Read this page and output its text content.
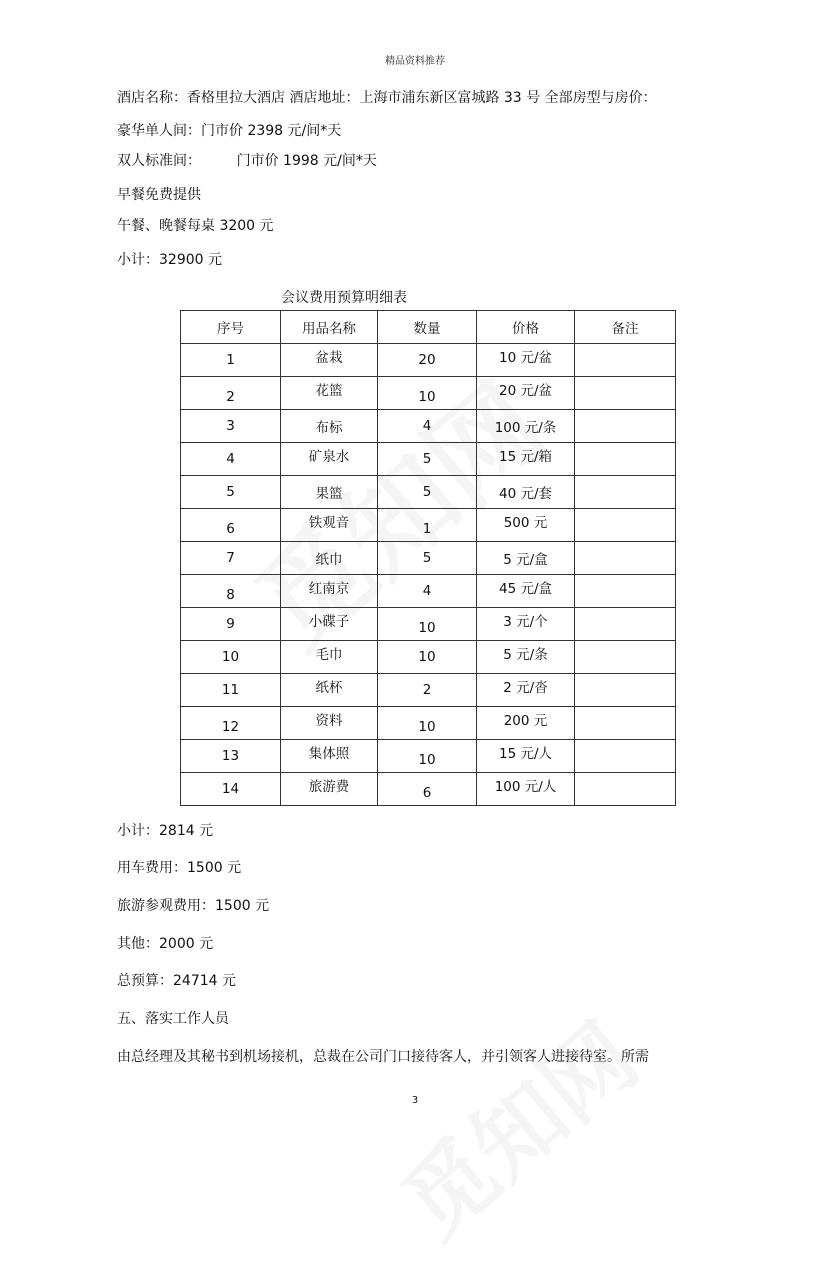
精品资料推荐
酒店名称：香格里拉大酒店 酒店地址：上海市浦东新区富城路 33 号 全部房型与房价：
豪华单人间：门市价 2398 元/间*天
双人标准间：        门市价 1998 元/间*天
早餐免费提供
午餐、晚餐每桌 3200 元
小计：32900 元
会议费用预算明细表
序号	用品名称	数量	价格	备注
1	盆栽	20	10 元/盆	
2	花篮	10	20 元/盆	
3	布标	4	100 元/条	
4	矿泉水	5	15 元/箱	
5	果篮	5	40 元/套	
6	铁观音	1	500 元	
7	纸巾	5	5 元/盒	
8	红南京	4	45 元/盒	
9	小碟子	10	3 元/个	
10	毛巾	10	5 元/条	
11	纸杯	2	2 元/沓	
12	资料	10	200 元	
13	集体照	10	15 元/人	
14	旅游费	6	100 元/人	
小计：2814 元
用车费用：1500 元
旅游参观费用：1500 元
其他：2000 元
总预算：24714 元
五、落实工作人员
由总经理及其秘书到机场接机，总裁在公司门口接待客人，并引领客人进接待室。所需
3
